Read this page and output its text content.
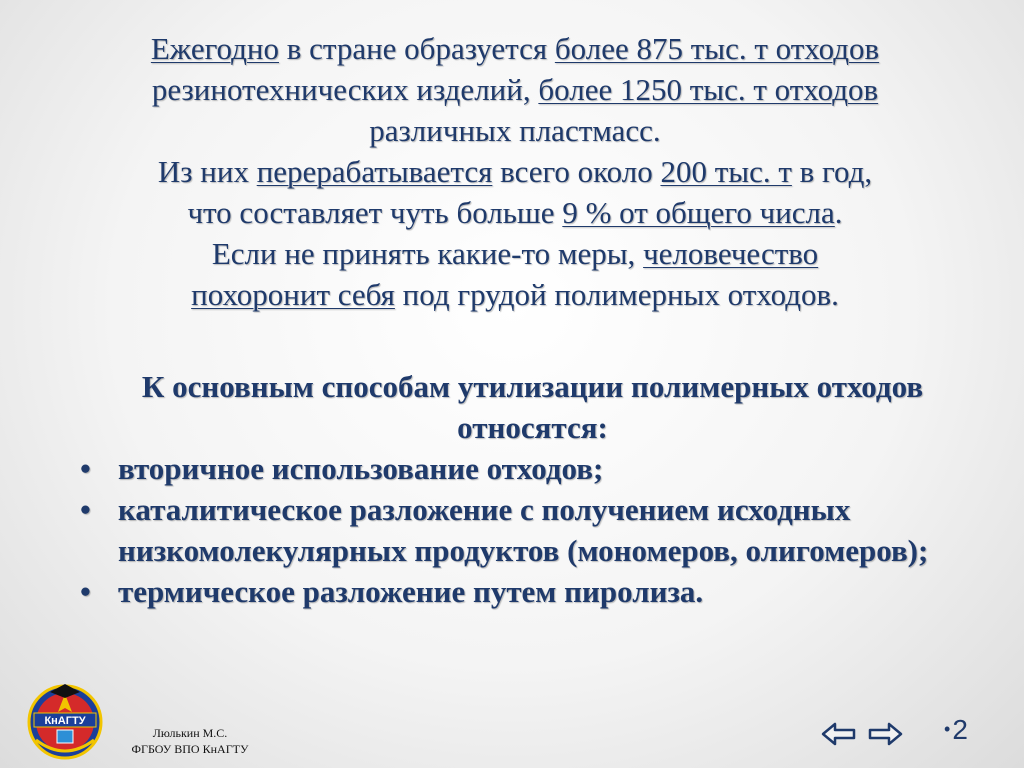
Ежегодно в стране образуется более 875 тыс. т отходов

резинотехнических изделий, более 1250 тыс. т отходов

различных пластмасс.

Из них перерабатывается всего около 200 тыс. т в год,

что составляет чуть больше 9 % от общего числа.

Если не принять какие-то меры, человечество

похоронит себя под грудой полимерных отходов.

К основным способам утилизации полимерных отходов относятся:

• вторичное использование отходов;
• каталитическое разложение с получением исходных низкомолекулярных продуктов (мономеров, олигомеров);
• термическое разложение путем пиролиза.
КнАГТУ
Люлькин М.С.
ФГБОУ ВПО КнАГТУ
•2
